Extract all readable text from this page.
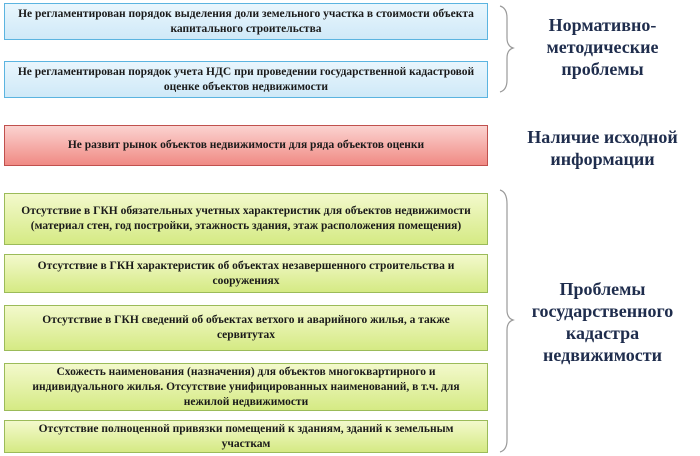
Не регламентирован порядок выделения доли земельного участка в стоимости объекта капитального строительства
Не регламентирован порядок учета НДС при проведении государственной кадастровой оценке объектов недвижимости
Не развит рынок объектов недвижимости для ряда объектов оценки
Отсутствие в ГКН обязательных учетных характеристик для объектов недвижимости (материал стен, год постройки, этажность здания, этаж расположения помещения)
Отсутствие в ГКН характеристик об объектах незавершенного строительства и сооружениях
Отсутствие в ГКН сведений об объектах ветхого и аварийного жилья, а также сервитутах
Схожесть наименования (назначения) для объектов многоквартирного и индивидуального жилья. Отсутствие унифицированных наименований, в т.ч. для нежилой недвижимости
Отсутствие полноценной привязки помещений к зданиям, зданий к земельным участкам
Нормативно-
методические
проблемы
Наличие исходной
информации
Проблемы
государственного
кадастра
недвижимости
